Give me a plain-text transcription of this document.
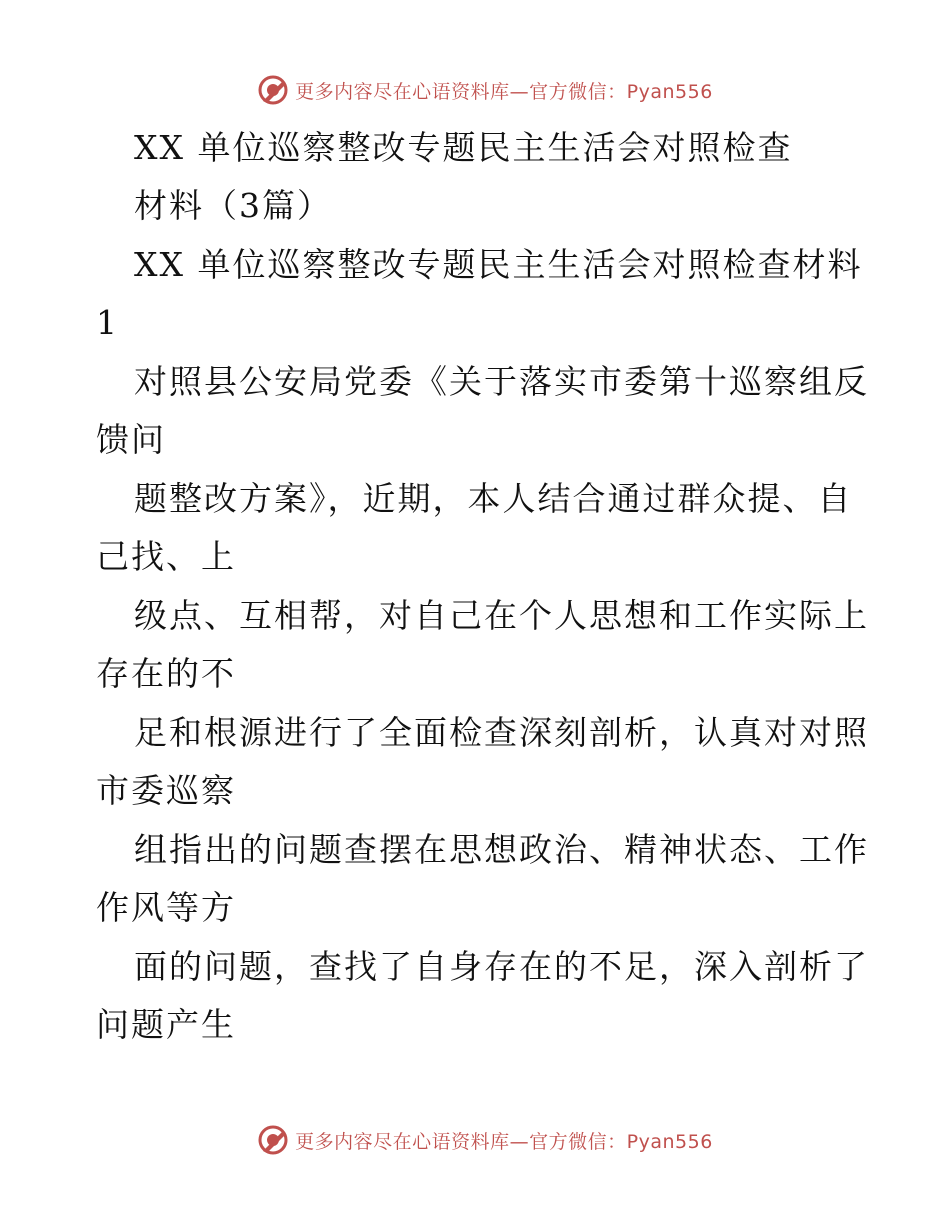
更多内容尽在心语资料库—官方微信：Pyan556
XX 单位巡察整改专题民主生活会对照检查
材料（3篇）
XX 单位巡察整改专题民主生活会对照检查材料
1
对照县公安局党委《关于落实市委第十巡察组反
馈问
题整改方案》，近期，本人结合通过群众提、自
己找、上
级点、互相帮，对自己在个人思想和工作实际上
存在的不
足和根源进行了全面检查深刻剖析，认真对对照
市委巡察
组指出的问题查摆在思想政治、精神状态、工作
作风等方
面的问题，查找了自身存在的不足，深入剖析了
问题产生
更多内容尽在心语资料库—官方微信：Pyan556
